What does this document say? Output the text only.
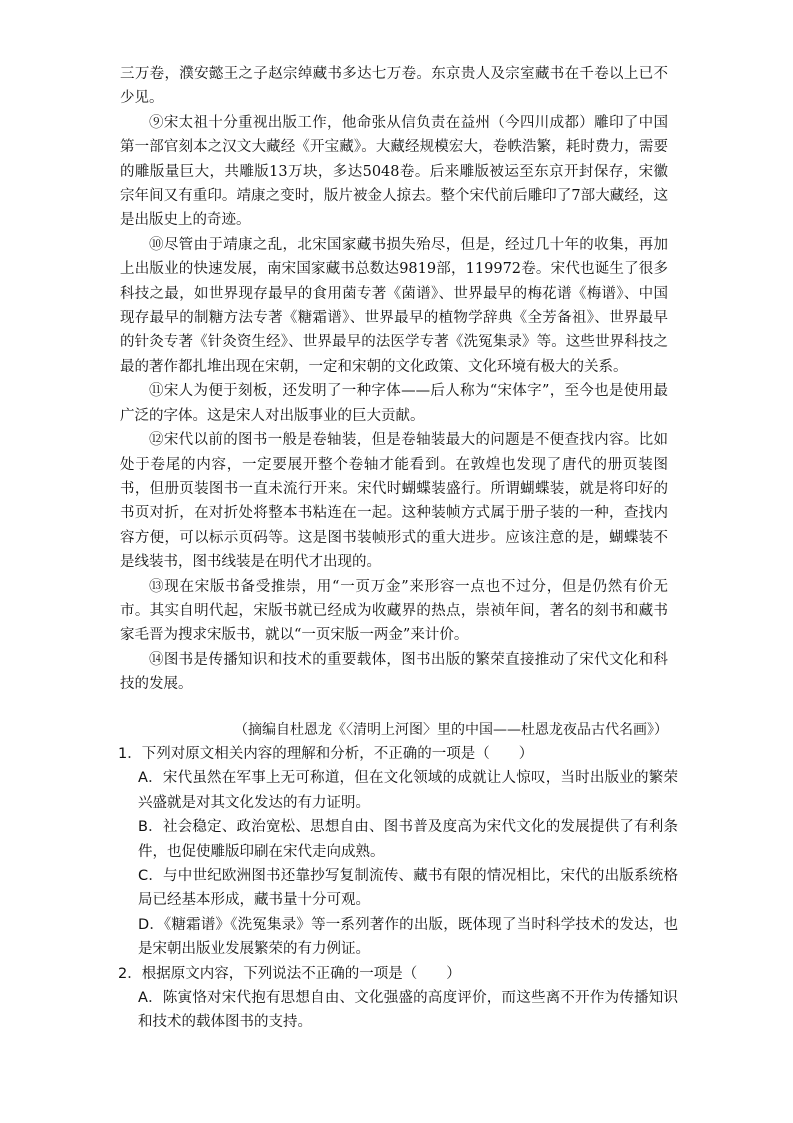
三万卷，濮安懿王之子赵宗绰藏书多达七万卷。东京贵人及宗室藏书在千卷以上已不少见。

⑨宋太祖十分重视出版工作，他命张从信负责在益州（今四川成都）雕印了中国第一部官刻本之汉文大藏经《开宝藏》。大藏经规模宏大，卷帙浩繁，耗时费力，需要的雕版量巨大，共雕版13万块，多达5048卷。后来雕版被运至东京开封保存，宋徽宗年间又有重印。靖康之变时，版片被金人掠去。整个宋代前后雕印了7部大藏经，这是出版史上的奇迹。

⑩尽管由于靖康之乱，北宋国家藏书损失殆尽，但是，经过几十年的收集，再加上出版业的快速发展，南宋国家藏书总数达9819部，119972卷。宋代也诞生了很多科技之最，如世界现存最早的食用菌专著《菌谱》、世界最早的梅花谱《梅谱》、中国现存最早的制糖方法专著《糖霜谱》、世界最早的植物学辞典《全芳备祖》、世界最早的针灸专著《针灸资生经》、世界最早的法医学专著《洗冤集录》等。这些世界科技之最的著作都扎堆出现在宋朝，一定和宋朝的文化政策、文化环境有极大的关系。

⑪宋人为便于刻板，还发明了一种字体——后人称为“宋体字”，至今也是使用最广泛的字体。这是宋人对出版事业的巨大贡献。

⑫宋代以前的图书一般是卷轴装，但是卷轴装最大的问题是不便查找内容。比如处于卷尾的内容，一定要展开整个卷轴才能看到。在敦煌也发现了唐代的册页装图书，但册页装图书一直未流行开来。宋代时蝴蝶装盛行。所谓蝴蝶装，就是将印好的书页对折，在对折处将整本书粘连在一起。这种装帧方式属于册子装的一种，查找内容方便，可以标示页码等。这是图书装帧形式的重大进步。应该注意的是，蝴蝶装不是线装书，图书线装是在明代才出现的。

⑬现在宋版书备受推崇，用“一页万金”来形容一点也不过分，但是仍然有价无市。其实自明代起，宋版书就已经成为收藏界的热点，崇祯年间，著名的刻书和藏书家毛晋为搜求宋版书，就以“一页宋版一两金”来计价。

⑭图书是传播知识和技术的重要载体，图书出版的繁荣直接推动了宋代文化和科技的发展。

（摘编自杜恩龙《〈清明上河图〉里的中国——杜恩龙夜品古代名画》）

1．下列对原文相关内容的理解和分析，不正确的一项是（　　）

A．宋代虽然在军事上无可称道，但在文化领域的成就让人惊叹，当时出版业的繁荣兴盛就是对其文化发达的有力证明。

B．社会稳定、政治宽松、思想自由、图书普及度高为宋代文化的发展提供了有利条件，也促使雕版印刷在宋代走向成熟。

C．与中世纪欧洲图书还靠抄写复制流传、藏书有限的情况相比，宋代的出版系统格局已经基本形成，藏书量十分可观。

D．《糖霜谱》《洗冤集录》等一系列著作的出版，既体现了当时科学技术的发达，也是宋朝出版业发展繁荣的有力例证。

2．根据原文内容，下列说法不正确的一项是（　　）

A．陈寅恪对宋代抱有思想自由、文化强盛的高度评价，而这些离不开作为传播知识和技术的载体图书的支持。
